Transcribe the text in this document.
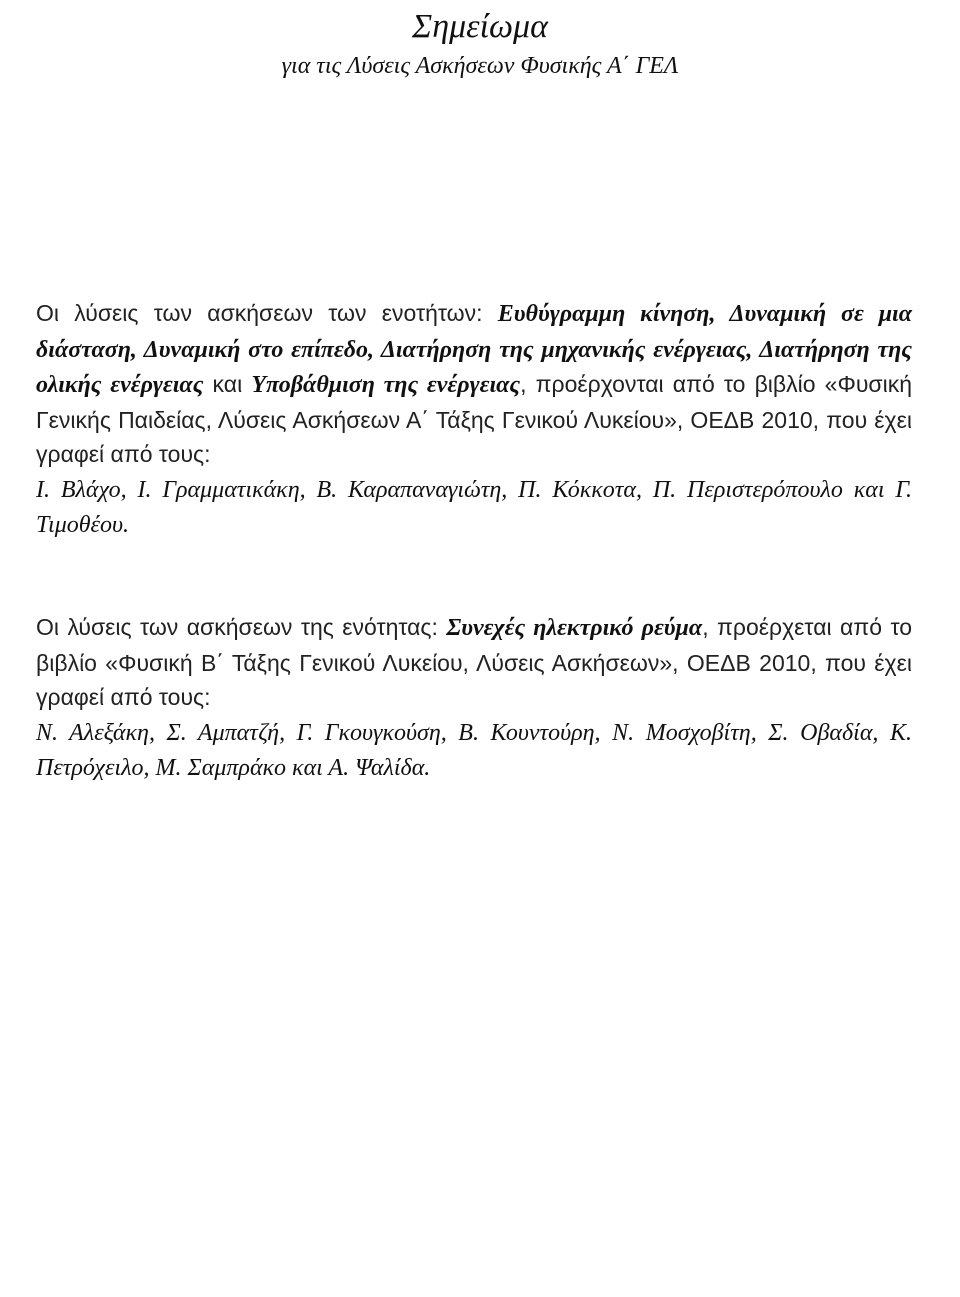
Σημείωμα
για τις Λύσεις Ασκήσεων Φυσικής Α΄ ΓΕΛ

Οι λύσεις των ασκήσεων των ενοτήτων: Ευθύγραμμη κίνηση, Δυναμική σε μια διάσταση, Δυναμική στο επίπεδο, Διατήρηση της μηχανικής ενέργειας, Διατήρηση της ολικής ενέργειας και Υποβάθμιση της ενέργειας, προέρχονται από το βιβλίο «Φυσική Γενικής Παιδείας, Λύσεις Ασκήσεων Α΄ Τάξης Γενικού Λυκείου», ΟΕΔΒ 2010, που έχει γραφεί από τους:
Ι. Βλάχο, Ι. Γραμματικάκη, Β. Καραπαναγιώτη, Π. Κόκκοτα, Π. Περιστερόπουλο και Γ. Τιμοθέου.

Οι λύσεις των ασκήσεων της ενότητας: Συνεχές ηλεκτρικό ρεύμα, προέρχεται από το βιβλίο «Φυσική Β΄ Τάξης Γενικού Λυκείου, Λύσεις Ασκήσεων», ΟΕΔΒ 2010, που έχει γραφεί από τους:
Ν. Αλεξάκη, Σ. Αμπατζή, Γ. Γκουγκούση, Β. Κουντούρη, Ν. Μοσχοβίτη, Σ. Οβαδία, Κ. Πετρόχειλο, Μ. Σαμπράκο και Α. Ψαλίδα.
